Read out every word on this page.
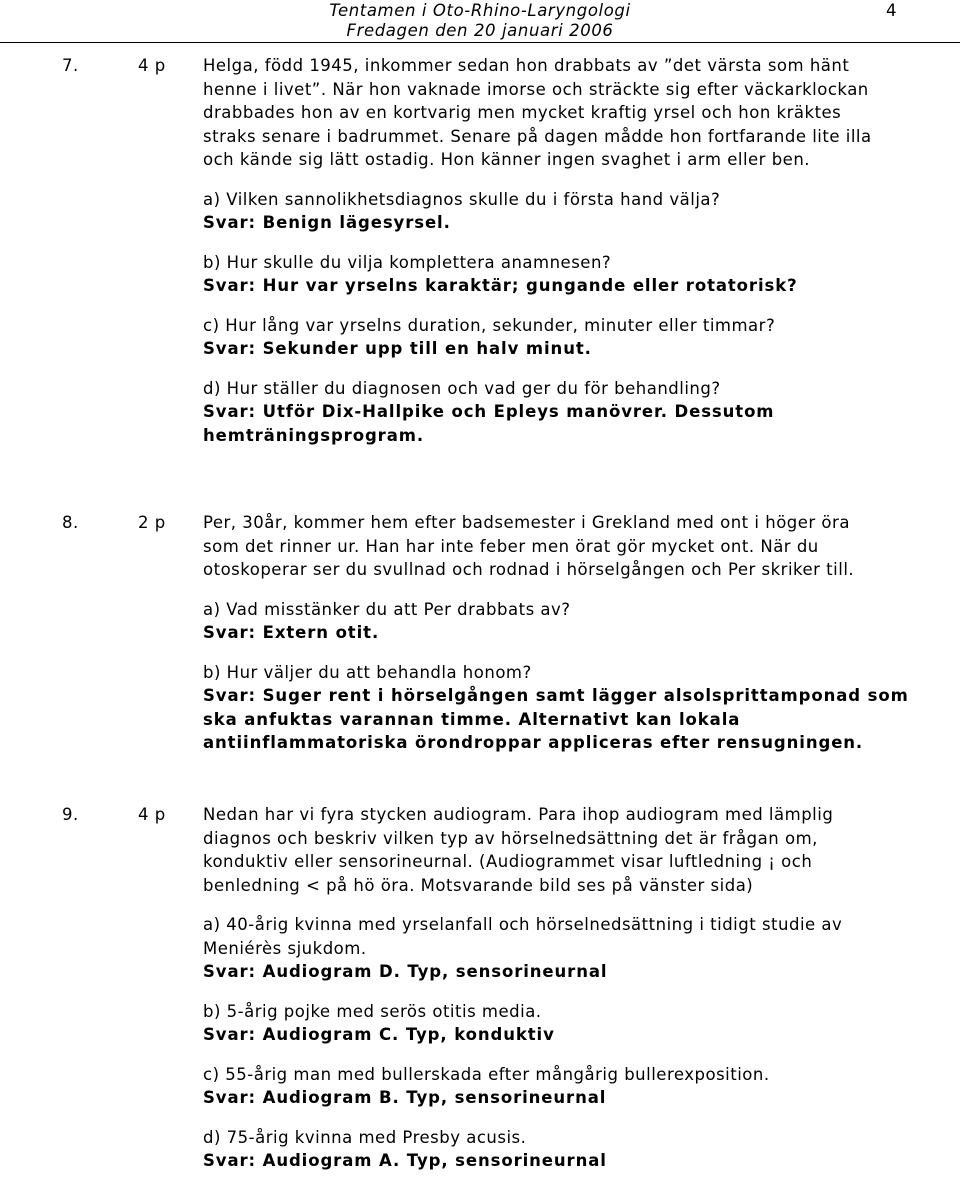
Tentamen i Oto-Rhino-Laryngologi
Fredagen den 20 januari 2006
4
7.	4 p Helga, född 1945, inkommer sedan hon drabbats av ”det värsta som hänt

henne i livet”. När hon vaknade imorse och sträckte sig efter väckarklockan

drabbades hon av en kortvarig men mycket kraftig yrsel och hon kräktes

straks senare i badrummet. Senare på dagen mådde hon fortfarande lite illa

och kände sig lätt ostadig. Hon känner ingen svaghet i arm eller ben.

a) Vilken sannolikhetsdiagnos skulle du i första hand välja?

Svar: Benign lägesyrsel.

b) Hur skulle du vilja komplettera anamnesen?

Svar: Hur var yrselns karaktär; gungande eller rotatorisk?

c) Hur lång var yrselns duration, sekunder, minuter eller timmar?

Svar: Sekunder upp till en halv minut.

d) Hur ställer du diagnosen och vad ger du för behandling?

Svar: Utför Dix-Hallpike och Epleys manövrer. Dessutom

hemträningsprogram.

8.	2 p Per, 30år, kommer hem efter badsemester i Grekland med ont i höger öra

som det rinner ur. Han har inte feber men örat gör mycket ont. När du

otoskoperar ser du svullnad och rodnad i hörselgången och Per skriker till.

a) Vad misstänker du att Per drabbats av?

Svar: Extern otit.

b) Hur väljer du att behandla honom?

Svar: Suger rent i hörselgången samt lägger alsolsprittamponad som

ska anfuktas varannan timme. Alternativt kan lokala

antiinflammatoriska örondroppar appliceras efter rensugningen.

9.	4 p Nedan har vi fyra stycken audiogram. Para ihop audiogram med lämplig

diagnos och beskriv vilken typ av hörselnedsättning det är frågan om,

konduktiv eller sensorineurnal. (Audiogrammet visar luftledning ¡ och

benledning < på hö öra. Motsvarande bild ses på vänster sida)

a) 40-årig kvinna med yrselanfall och hörselnedsättning i tidigt studie av

Meniérès sjukdom.

Svar: Audiogram D. Typ, sensorineurnal

b) 5-årig pojke med serös otitis media.

Svar: Audiogram C. Typ, konduktiv

c) 55-årig man med bullerskada efter mångårig bullerexposition.

Svar: Audiogram B. Typ, sensorineurnal

d) 75-årig kvinna med Presby acusis.

Svar: Audiogram A. Typ, sensorineurnal
